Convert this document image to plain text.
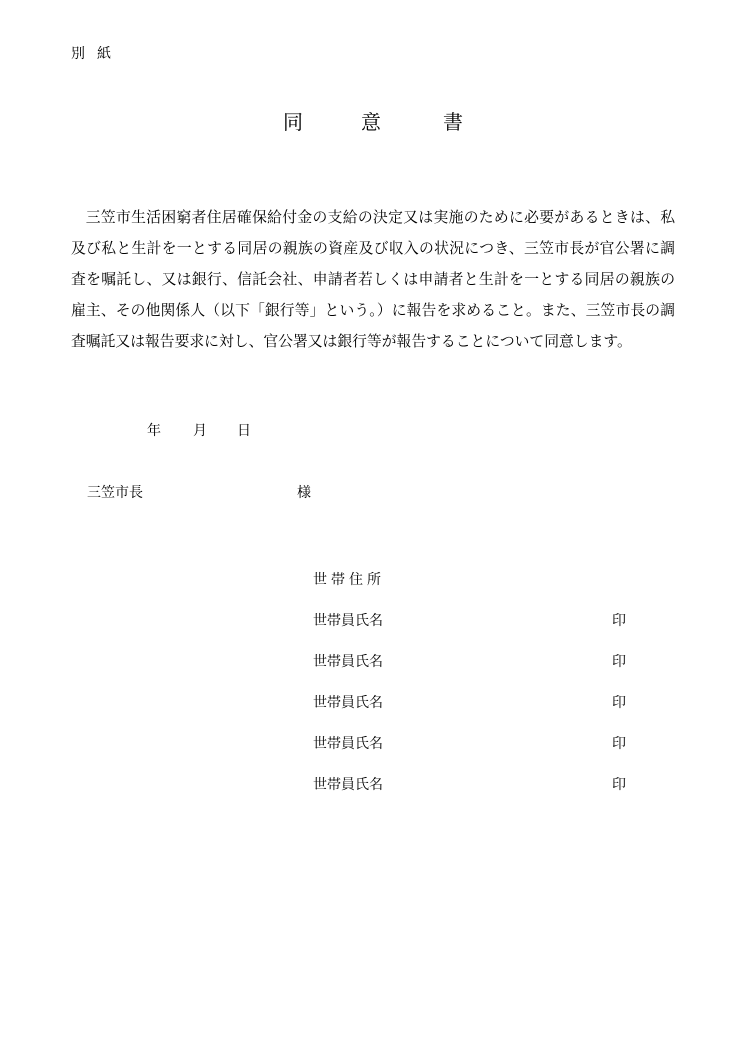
別紙
同	意	書

三笠市生活困窮者住居確保給付金の支給の決定又は実施のために必要があるときは、私及び私と生計を一とする同居の親族の資産及び収入の状況につき、三笠市長が官公署に調査を嘱託し、又は銀行、信託会社、申請者若しくは申請者と生計を一とする同居の親族の雇主、その他関係人（以下「銀行等」という。）に報告を求めること。また、三笠市長の調査嘱託又は報告要求に対し、官公署又は銀行等が報告することについて同意します。

年 月 日
三笠市長	様
世帯住所
世帯員氏名	印
世帯員氏名	印
世帯員氏名	印
世帯員氏名	印
世帯員氏名	印
